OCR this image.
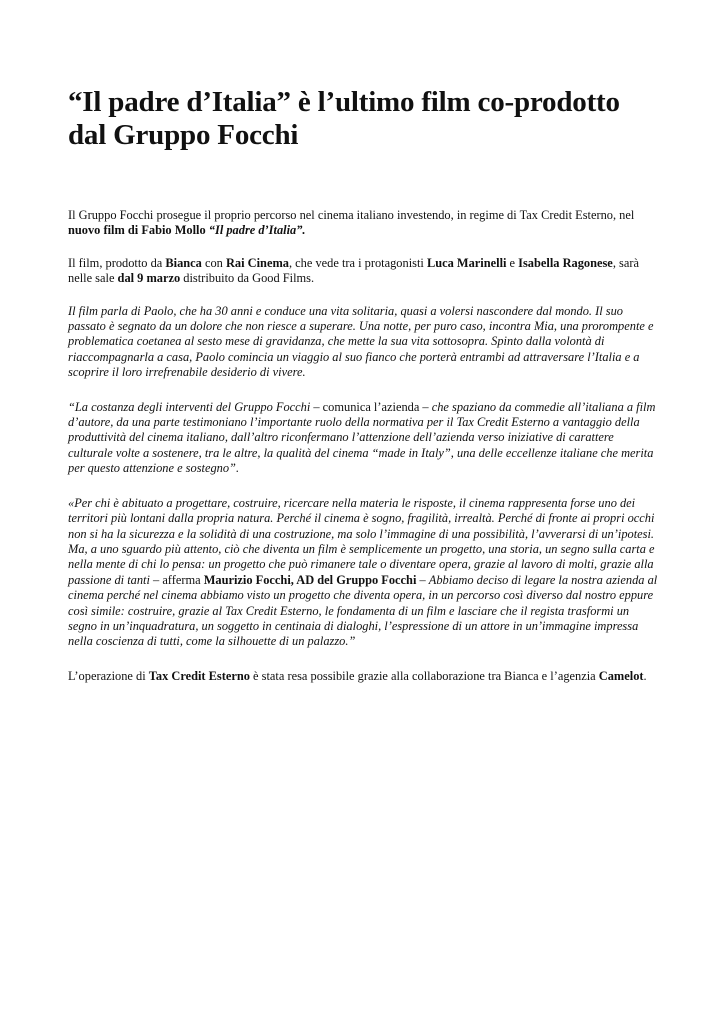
“Il padre d’Italia” è l’ultimo film co-prodotto dal Gruppo Focchi

Il Gruppo Focchi prosegue il proprio percorso nel cinema italiano investendo, in regime di Tax Credit Esterno, nel nuovo film di Fabio Mollo “Il padre d’Italia”.

Il film, prodotto da Bianca con Rai Cinema, che vede tra i protagonisti Luca Marinelli e Isabella Ragonese, sarà nelle sale dal 9 marzo distribuito da Good Films.

Il film parla di Paolo, che ha 30 anni e conduce una vita solitaria, quasi a volersi nascondere dal mondo. Il suo passato è segnato da un dolore che non riesce a superare. Una notte, per puro caso, incontra Mia, una prorompente e problematica coetanea al sesto mese di gravidanza, che mette la sua vita sottosopra. Spinto dalla volontà di riaccompagnarla a casa, Paolo comincia un viaggio al suo fianco che porterà entrambi ad attraversare l’Italia e a scoprire il loro irrefrenabile desiderio di vivere.

“La costanza degli interventi del Gruppo Focchi – comunica l’azienda – che spaziano da commedie all’italiana a film d’autore, da una parte testimoniano l’importante ruolo della normativa per il Tax Credit Esterno a vantaggio della produttività del cinema italiano, dall’altro riconfermano l’attenzione dell’azienda verso iniziative di carattere culturale volte a sostenere, tra le altre, la qualità del cinema “made in Italy”, una delle eccellenze italiane che merita per questo attenzione e sostegno”.

«Per chi è abituato a progettare, costruire, ricercare nella materia le risposte, il cinema rappresenta forse uno dei territori più lontani dalla propria natura. Perché il cinema è sogno, fragilità, irrealtà. Perché di fronte ai propri occhi non si ha la sicurezza e la solidità di una costruzione, ma solo l’immagine di una possibilità, l’avverarsi di un’ipotesi. Ma, a uno sguardo più attento, ciò che diventa un film è semplicemente un progetto, una storia, un segno sulla carta e nella mente di chi lo pensa: un progetto che può rimanere tale o diventare opera, grazie al lavoro di molti, grazie alla passione di tanti – afferma Maurizio Focchi, AD del Gruppo Focchi – Abbiamo deciso di legare la nostra azienda al cinema perché nel cinema abbiamo visto un progetto che diventa opera, in un percorso così diverso dal nostro eppure così simile: costruire, grazie al Tax Credit Esterno, le fondamenta di un film e lasciare che il regista trasformi un segno in un’inquadratura, un soggetto in centinaia di dialoghi, l’espressione di un attore in un’immagine impressa nella coscienza di tutti, come la silhouette di un palazzo.”

L’operazione di Tax Credit Esterno è stata resa possibile grazie alla collaborazione tra Bianca e l’agenzia Camelot.
